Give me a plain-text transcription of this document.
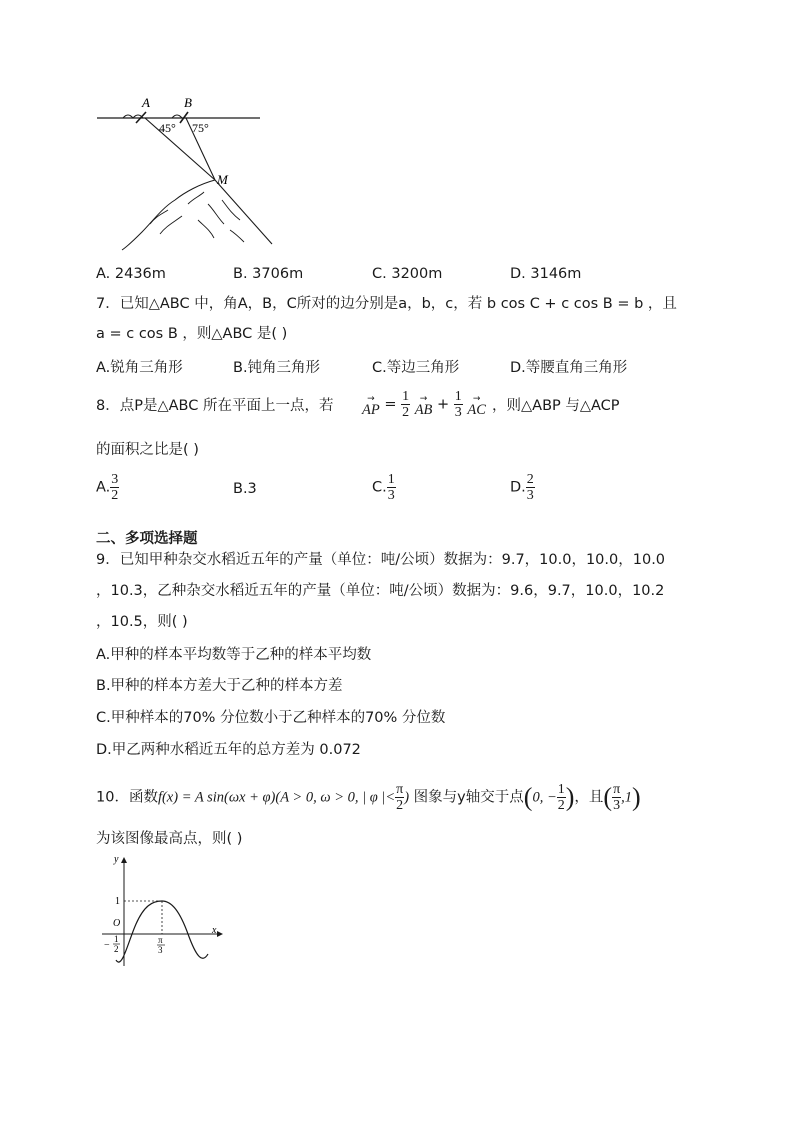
A	B
M
45° 75°
A. 2436m	B. 3706m	C. 3200m	D. 3146m
7．已知△ABC 中，角A，B，C所对的边分别是a，b，c，若 b cos C + c cos B = b ，且
a = c cos B ，则△ABC 是( )
A.锐角三角形	B.钝角三角形	C.等边三角形	D.等腰直角三角形
8．点P是△ABC 所在平面上一点，若	→
AP = $\frac{1}{2}$
	→
AB + $\frac{1}{3}$
	→
AC ，则△ABP 与△ACP
的面积之比是( )
A. $\frac{3}{2}$	B.3	C. $\frac{1}{3}$	D. $\frac{2}{3}$
二、多项选择题
9．已知甲种杂交水稻近五年的产量（单位：吨/公顷）数据为：9.7，10.0，10.0，10.0
，10.3，乙种杂交水稻近五年的产量（单位：吨/公顷）数据为：9.6，9.7，10.0，10.2
，10.5，则( )
A.甲种的样本平均数等于乙种的样本平均数
B.甲种的样本方差大于乙种的样本方差
C.甲种样本的70% 分位数小于乙种样本的70% 分位数
D.甲乙两种水稻近五年的总方差为 0.072
10．函数f(x) = A sin(ωx + φ)(A > 0, ω > 0, | φ |< $\frac{\pi}{2}$ ) 图象与y轴交于点(0, − $\frac{1}{2}$ )，且( $\frac{\pi}{3} ,1$)
为该图像最高点，则( )
y
x
O
1
−
1
2
π
3
